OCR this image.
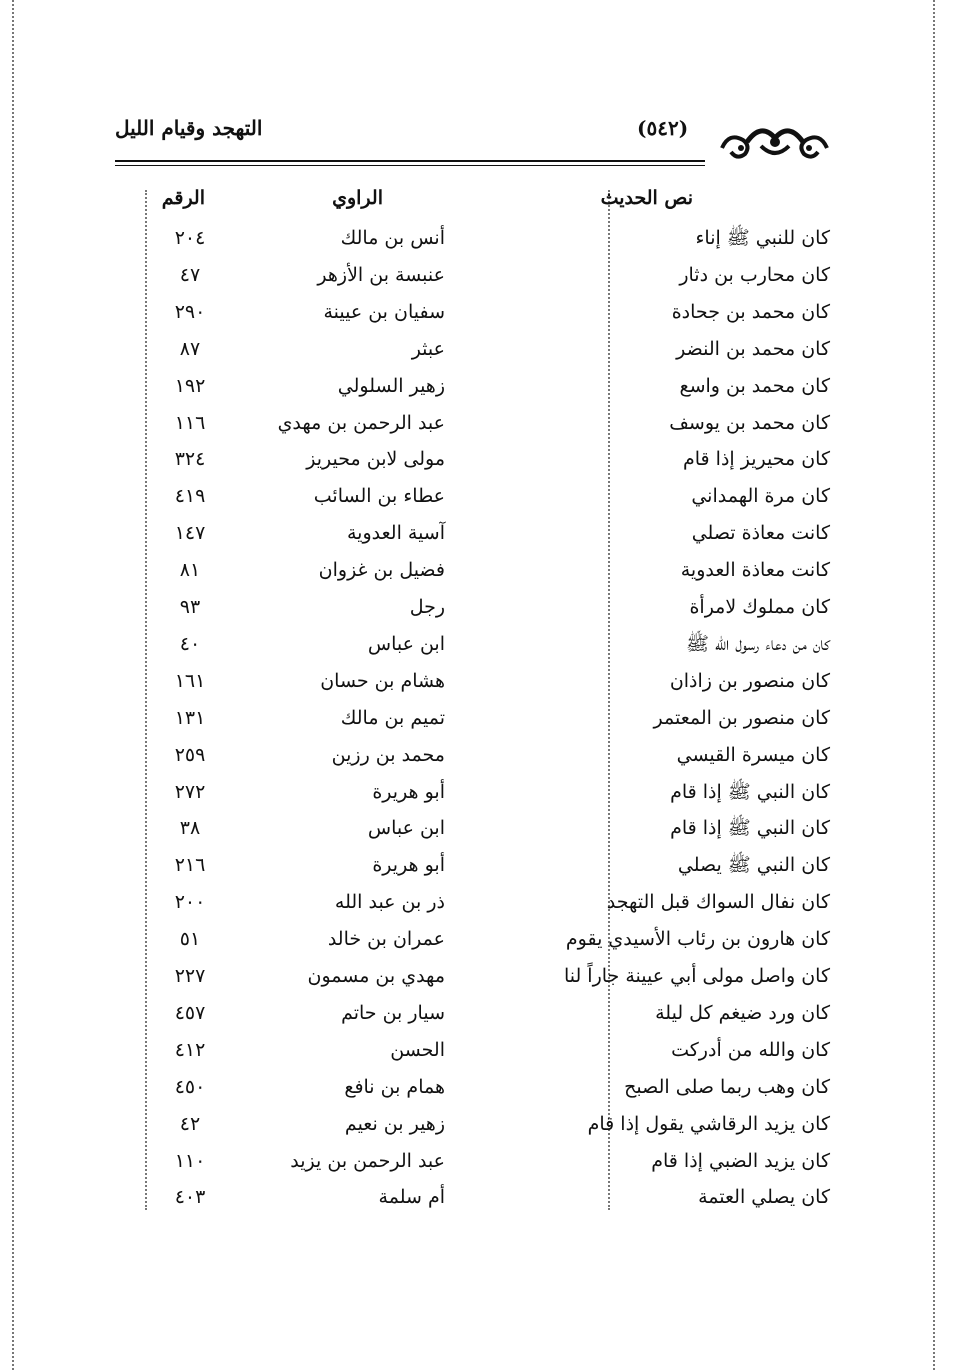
التهجد وقيام الليل	(٥٤٢)
نص الحديث
الراوي
الرقم
كان للنبي ﷺ إناء
أنس بن مالك
٢٠٤
كان محارب بن دثار
عنبسة بن الأزهر
٤٧
كان محمد بن جحادة
سفيان بن عيينة
٢٩٠
كان محمد بن النضر
عبثر
٨٧
كان محمد بن واسع
زهير السلولي
١٩٢
كان محمد بن يوسف
عبد الرحمن بن مهدي
١١٦
كان محيريز إذا قام
مولى لابن محيريز
٣٢٤
كان مرة الهمداني
عطاء بن السائب
٤١٩
كانت معاذة تصلي
آسية العدوية
١٤٧
كانت معاذة العدوية
فضيل بن غزوان
٨١
كان مملوك لامرأة
رجل
٩٣
كان من دعاء رسول الله ﷺ
ابن عباس
٤٠
كان منصور بن زاذان
هشام بن حسان
١٦١
كان منصور بن المعتمر
تميم بن مالك
١٣١
كان ميسرة القيسي
محمد بن رزين
٢٥٩
كان النبي ﷺ إذا قام
أبو هريرة
٢٧٢
كان النبي ﷺ إذا قام
ابن عباس
٣٨
كان النبي ﷺ يصلي
أبو هريرة
٢١٦
كان نفال السواك قبل التهجد
ذر بن عبد الله
٢٠٠
كان هارون بن رئاب الأسيدي يقوم
عمران بن خالد
٥١
كان واصل مولى أبي عيينة جاراً لنا
مهدي بن مسمون
٢٢٧
كان ورد ضيغم كل ليلة
سيار بن حاتم
٤٥٧
كان والله من أدركت
الحسن
٤١٢
كان وهب ربما صلى الصبح
همام بن نافع
٤٥٠
كان يزيد الرقاشي يقول إذا قام
زهير بن نعيم
٤٢
كان يزيد الضبي إذا قام
عبد الرحمن بن يزيد
١١٠
كان يصلي العتمة
أم سلمة
٤٠٣
